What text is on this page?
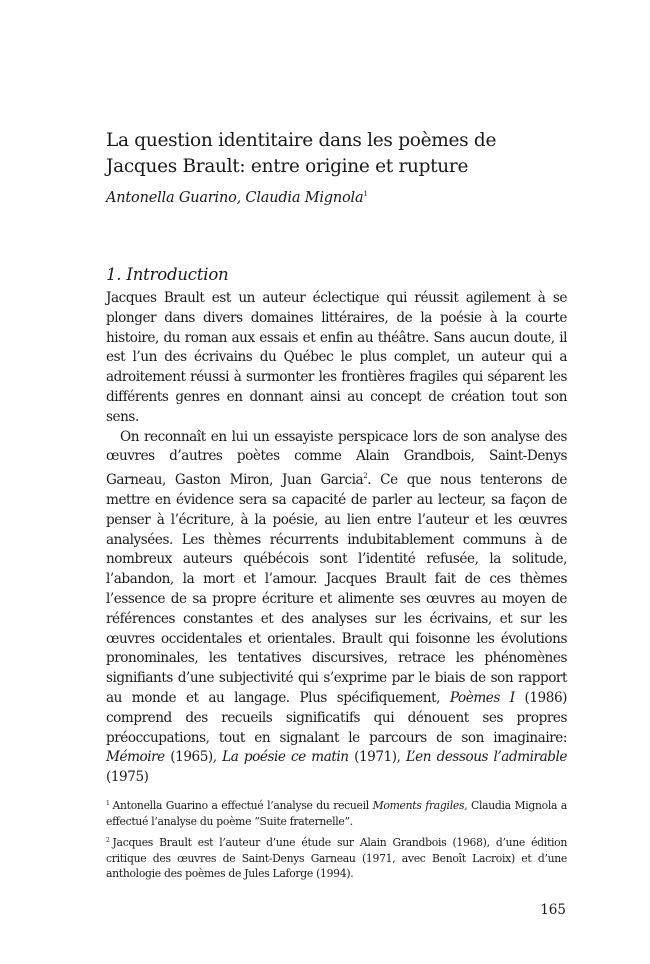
La question identitaire dans les poèmes de Jacques Brault: entre origine et rupture

Antonella Guarino, Claudia Mignola$^1$

1. Introduction

Jacques Brault est un auteur éclectique qui réussit agilement à se plonger dans divers domaines littéraires, de la poésie à la courte histoire, du roman aux essais et enfin au théâtre. Sans aucun doute, il est l’un des écrivains du Québec le plus complet, un auteur qui a adroitement réussi à surmonter les frontières fragiles qui séparent les différents genres en donnant ainsi au concept de création tout son sens.

On reconnaît en lui un essayiste perspicace lors de son analyse des œuvres d’autres poètes comme Alain Grandbois, Saint-Denys Garneau, Gaston Miron, Juan Garcia$^2$. Ce que nous tenterons de mettre en évidence sera sa capacité de parler au lecteur, sa façon de penser à l’écriture, à la poésie, au lien entre l’auteur et les œuvres analysées. Les thèmes récurrents indubitablement communs à de nombreux auteurs québécois sont l’identité refusée, la solitude, l’abandon, la mort et l’amour. Jacques Brault fait de ces thèmes l’essence de sa propre écriture et alimente ses œuvres au moyen de références constantes et des analyses sur les écrivains, et sur les œuvres occidentales et orientales. Brault qui foisonne les évolutions pronominales, les tentatives discursives, retrace les phénomènes signifiants d’une subjectivité qui s’exprime par le biais de son rapport au monde et au langage. Plus spécifiquement, Poèmes I (1986) comprend des recueils significatifs qui dénouent ses propres préoccupations, tout en signalant le parcours de son imaginaire: Mémoire (1965), La poésie ce matin (1971), L’en dessous l’admirable (1975)

$^1$ Antonella Guarino a effectué l’analyse du recueil Moments fragiles, Claudia Mignola a effectué l’analyse du poème “Suite fraternelle”.

$^2$ Jacques Brault est l’auteur d’une étude sur Alain Grandbois (1968), d’une édition critique des œuvres de Saint-Denys Garneau (1971, avec Benoît Lacroix) et d’une anthologie des poèmes de Jules Laforge (1994).

165
